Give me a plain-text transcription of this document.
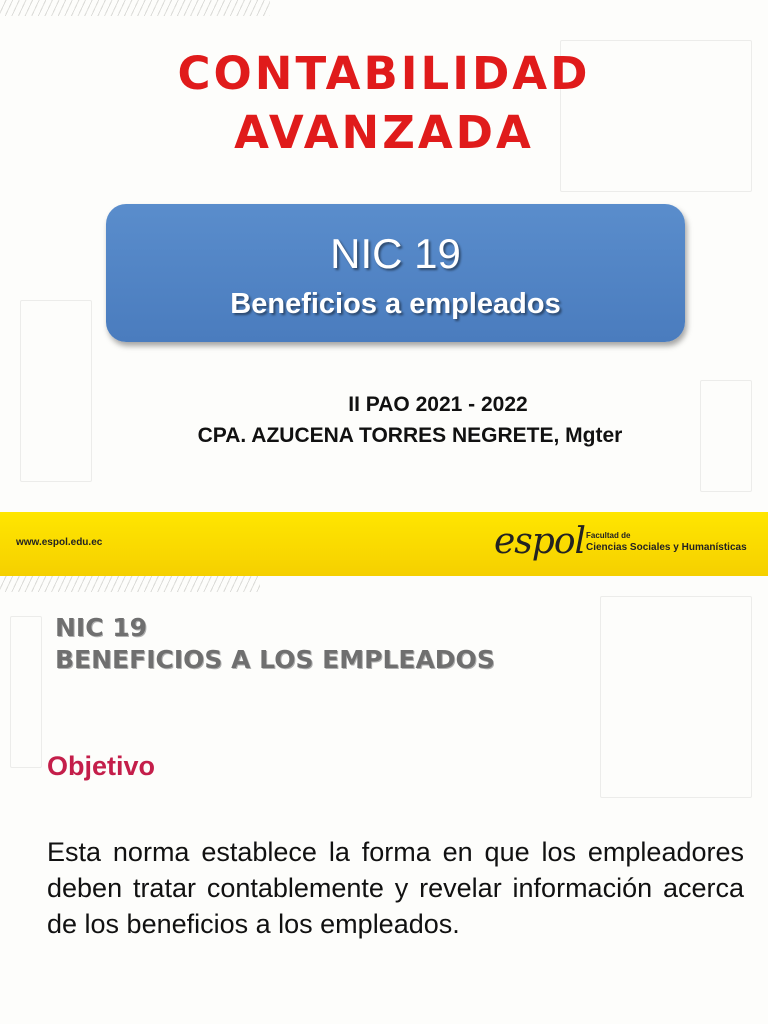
CONTABILIDAD
AVANZADA
NIC 19
Beneficios a empleados
II PAO 2021 - 2022
CPA. AZUCENA TORRES NEGRETE, Mgter
www.espol.edu.ec	espol Facultad de
Ciencias Sociales y Humanísticas
NIC 19
BENEFICIOS A LOS EMPLEADOS
Objetivo
Esta norma establece la forma en que los empleadores deben tratar contablemente y revelar información acerca de los beneficios a los empleados.
